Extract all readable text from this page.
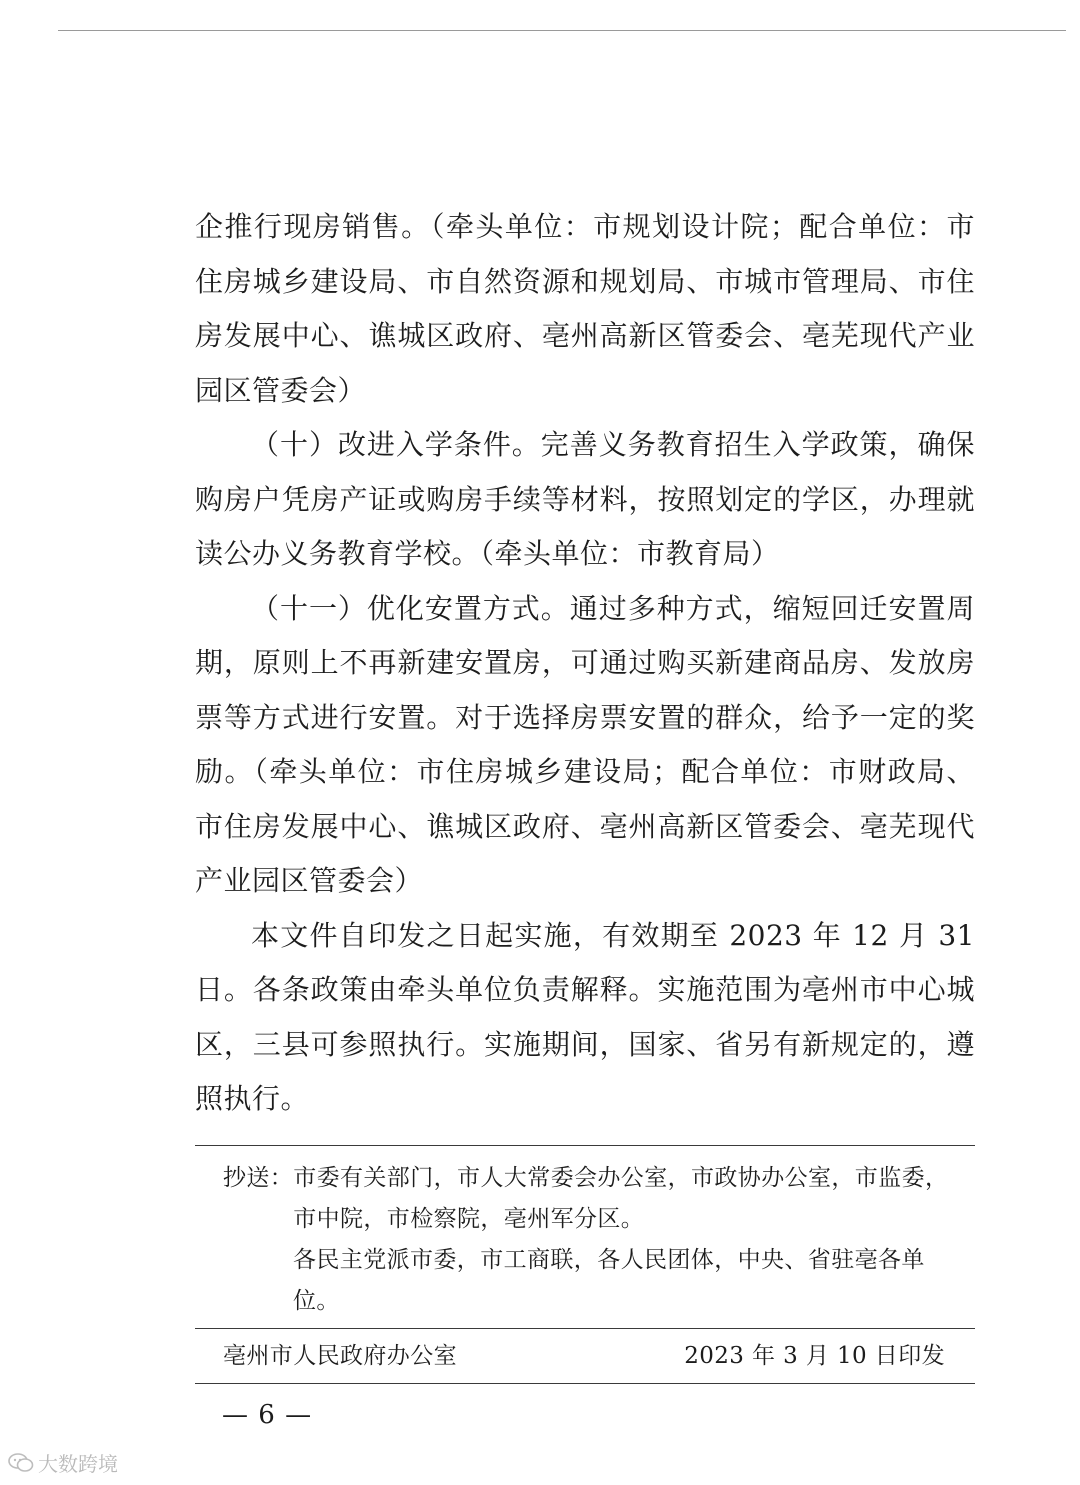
企推行现房销售。（牵头单位：市规划设计院；配合单位：市住房城乡建设局、市自然资源和规划局、市城市管理局、市住房发展中心、谯城区政府、亳州高新区管委会、亳芜现代产业园区管委会）

（十）改进入学条件。完善义务教育招生入学政策，确保购房户凭房产证或购房手续等材料，按照划定的学区，办理就读公办义务教育学校。（牵头单位：市教育局）

（十一）优化安置方式。通过多种方式，缩短回迁安置周期，原则上不再新建安置房，可通过购买新建商品房、发放房票等方式进行安置。对于选择房票安置的群众，给予一定的奖励。（牵头单位：市住房城乡建设局；配合单位：市财政局、市住房发展中心、谯城区政府、亳州高新区管委会、亳芜现代产业园区管委会）

本文件自印发之日起实施，有效期至 2023 年 12 月 31 日。各条政策由牵头单位负责解释。实施范围为亳州市中心城区，三县可参照执行。实施期间，国家、省另有新规定的，遵照执行。

抄送： 市委有关部门，市人大常委会办公室，市政协办公室，市监委，市中院，市检察院，亳州军分区。
各民主党派市委，市工商联，各人民团体，中央、省驻亳各单位。
亳州市人民政府办公室	2023 年 3 月 10 日印发
— 6 —
大数跨境
